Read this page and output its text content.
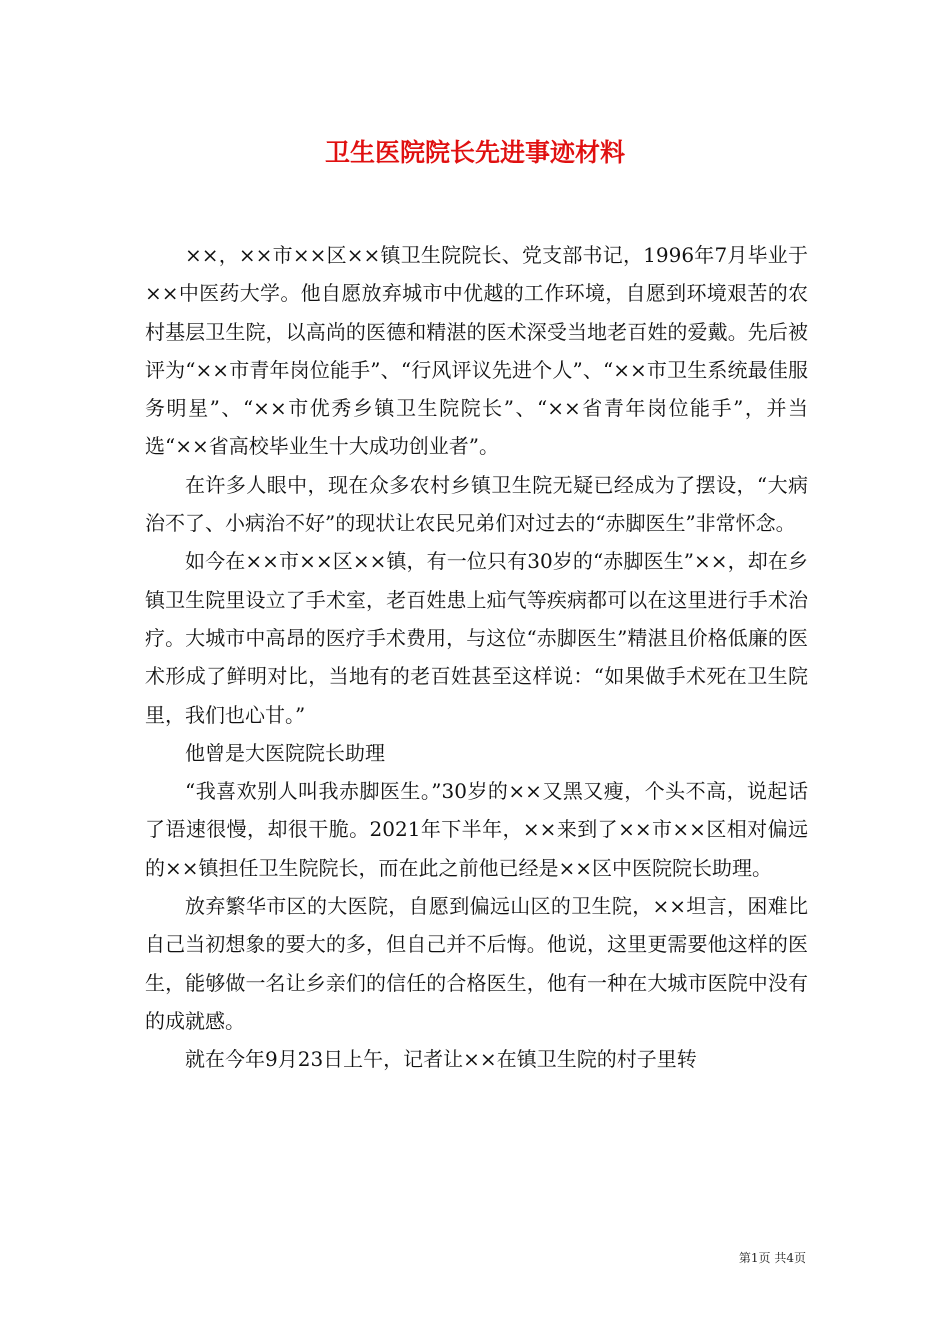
卫生医院院长先进事迹材料

××，××市××区××镇卫生院院长、党支部书记，1996年7月毕业于××中医药大学。他自愿放弃城市中优越的工作环境，自愿到环境艰苦的农村基层卫生院，以高尚的医德和精湛的医术深受当地老百姓的爱戴。先后被评为“××市青年岗位能手”、“行风评议先进个人”、“××市卫生系统最佳服务明星”、“××市优秀乡镇卫生院院长”、“××省青年岗位能手”，并当选“××省高校毕业生十大成功创业者”。

在许多人眼中，现在众多农村乡镇卫生院无疑已经成为了摆设，“大病治不了、小病治不好”的现状让农民兄弟们对过去的“赤脚医生”非常怀念。

如今在××市××区××镇，有一位只有30岁的“赤脚医生”××，却在乡镇卫生院里设立了手术室，老百姓患上疝气等疾病都可以在这里进行手术治疗。大城市中高昂的医疗手术费用，与这位“赤脚医生”精湛且价格低廉的医术形成了鲜明对比，当地有的老百姓甚至这样说：“如果做手术死在卫生院里，我们也心甘。”

他曾是大医院院长助理

“我喜欢别人叫我赤脚医生。”30岁的××又黑又瘦，个头不高，说起话了语速很慢，却很干脆。2021年下半年，××来到了××市××区相对偏远的××镇担任卫生院院长，而在此之前他已经是××区中医院院长助理。

放弃繁华市区的大医院，自愿到偏远山区的卫生院，××坦言，困难比自己当初想象的要大的多，但自己并不后悔。他说，这里更需要他这样的医生，能够做一名让乡亲们的信任的合格医生，他有一种在大城市医院中没有的成就感。

就在今年9月23日上午，记者让××在镇卫生院的村子里转

第1页 共4页
